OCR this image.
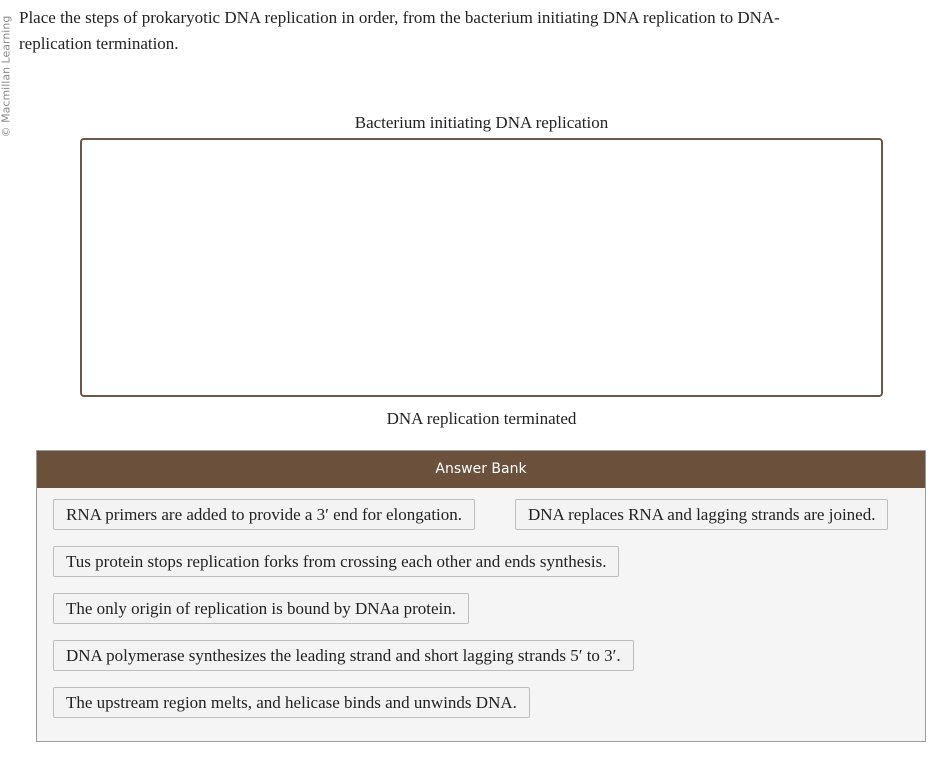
© Macmillan Learning Place the steps of prokaryotic DNA replication in order, from the bacterium initiating DNA replication to DNA-replication termination.
Bacterium initiating DNA replication
DNA replication terminated
Answer Bank
RNA primers are added to provide a 3′ end for elongation.	DNA replaces RNA and lagging strands are joined.
Tus protein stops replication forks from crossing each other and ends synthesis.
The only origin of replication is bound by DNAa protein.
DNA polymerase synthesizes the leading strand and short lagging strands 5′ to 3′.
The upstream region melts, and helicase binds and unwinds DNA.
